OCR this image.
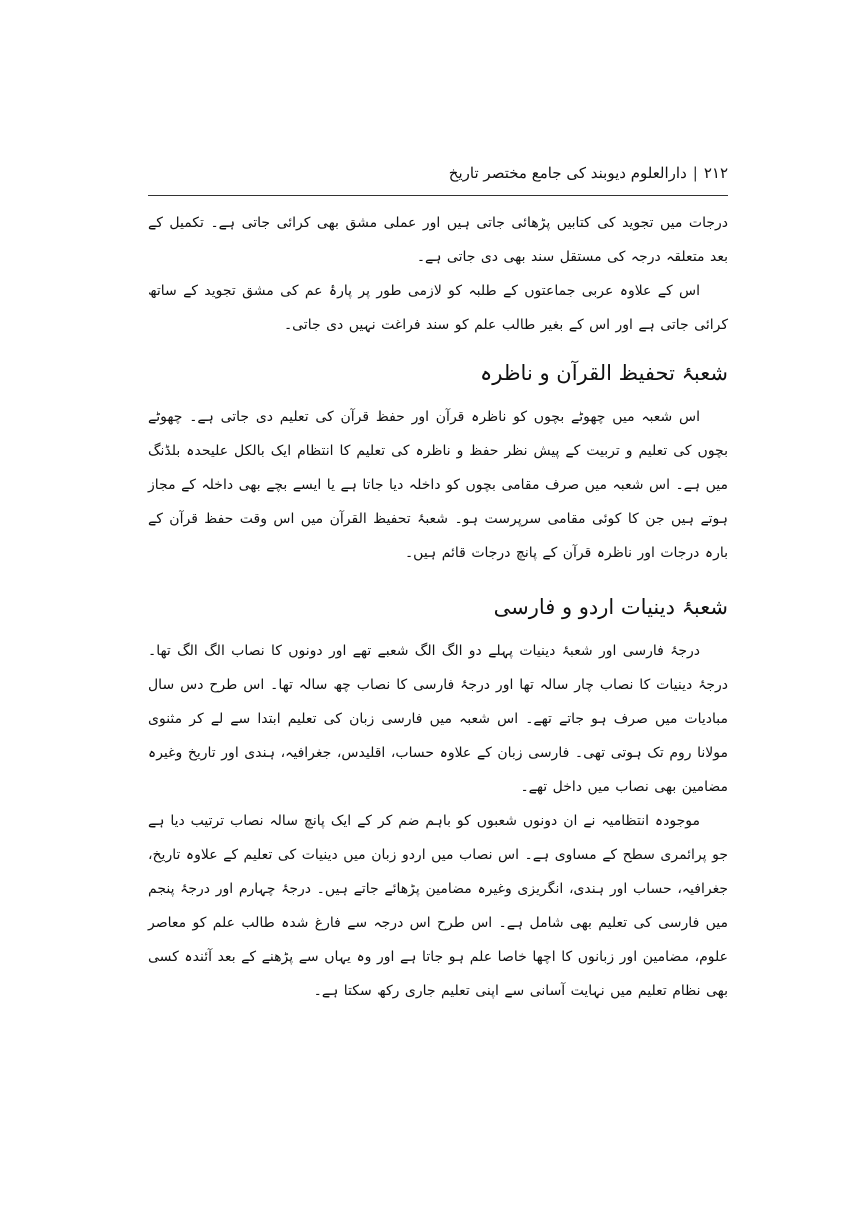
۲۱۲
|
دارالعلوم دیوبند کی جامع مختصر تاریخ

درجات میں تجوید کی کتابیں پڑھائی جاتی ہیں اور عملی مشق بھی کرائی جاتی ہے۔ تکمیل کے بعد متعلقہ درجہ کی مستقل سند بھی دی جاتی ہے۔

اس کے علاوہ عربی جماعتوں کے طلبہ کو لازمی طور پر پارۂ عم کی مشق تجوید کے ساتھ کرائی جاتی ہے اور اس کے بغیر طالب علم کو سند فراغت نہیں دی جاتی۔

شعبۂ تحفیظ القرآن و ناظرہ

اس شعبہ میں چھوٹے بچوں کو ناظرہ قرآن اور حفظ قرآن کی تعلیم دی جاتی ہے۔ چھوٹے بچوں کی تعلیم و تربیت کے پیش نظر حفظ و ناظرہ کی تعلیم کا انتظام ایک بالکل علیحدہ بلڈنگ میں ہے۔ اس شعبہ میں صرف مقامی بچوں کو داخلہ دیا جاتا ہے یا ایسے بچے بھی داخلہ کے مجاز ہوتے ہیں جن کا کوئی مقامی سرپرست ہو۔ شعبۂ تحفیظ القرآن میں اس وقت حفظ قرآن کے بارہ درجات اور ناظرہ قرآن کے پانچ درجات قائم ہیں۔

شعبۂ دینیات اردو و فارسی

درجۂ فارسی اور شعبۂ دینیات پہلے دو الگ الگ شعبے تھے اور دونوں کا نصاب الگ الگ تھا۔ درجۂ دینیات کا نصاب چار سالہ تھا اور درجۂ فارسی کا نصاب چھ سالہ تھا۔ اس طرح دس سال مبادیات میں صرف ہو جاتے تھے۔ اس شعبہ میں فارسی زبان کی تعلیم ابتدا سے لے کر مثنوی مولانا روم تک ہوتی تھی۔ فارسی زبان کے علاوہ حساب، اقلیدس، جغرافیہ، ہندی اور تاریخ وغیرہ مضامین بھی نصاب میں داخل تھے۔

موجودہ انتظامیہ نے ان دونوں شعبوں کو باہم ضم کر کے ایک پانچ سالہ نصاب ترتیب دیا ہے جو پرائمری سطح کے مساوی ہے۔ اس نصاب میں اردو زبان میں دینیات کی تعلیم کے علاوہ تاریخ، جغرافیہ، حساب اور ہندی، انگریزی وغیرہ مضامین پڑھائے جاتے ہیں۔ درجۂ چہارم اور درجۂ پنجم میں فارسی کی تعلیم بھی شامل ہے۔ اس طرح اس درجہ سے فارغ شدہ طالب علم کو معاصر علوم، مضامین اور زبانوں کا اچھا خاصا علم ہو جاتا ہے اور وہ یہاں سے پڑھنے کے بعد آئندہ کسی بھی نظام تعلیم میں نہایت آسانی سے اپنی تعلیم جاری رکھ سکتا ہے۔
